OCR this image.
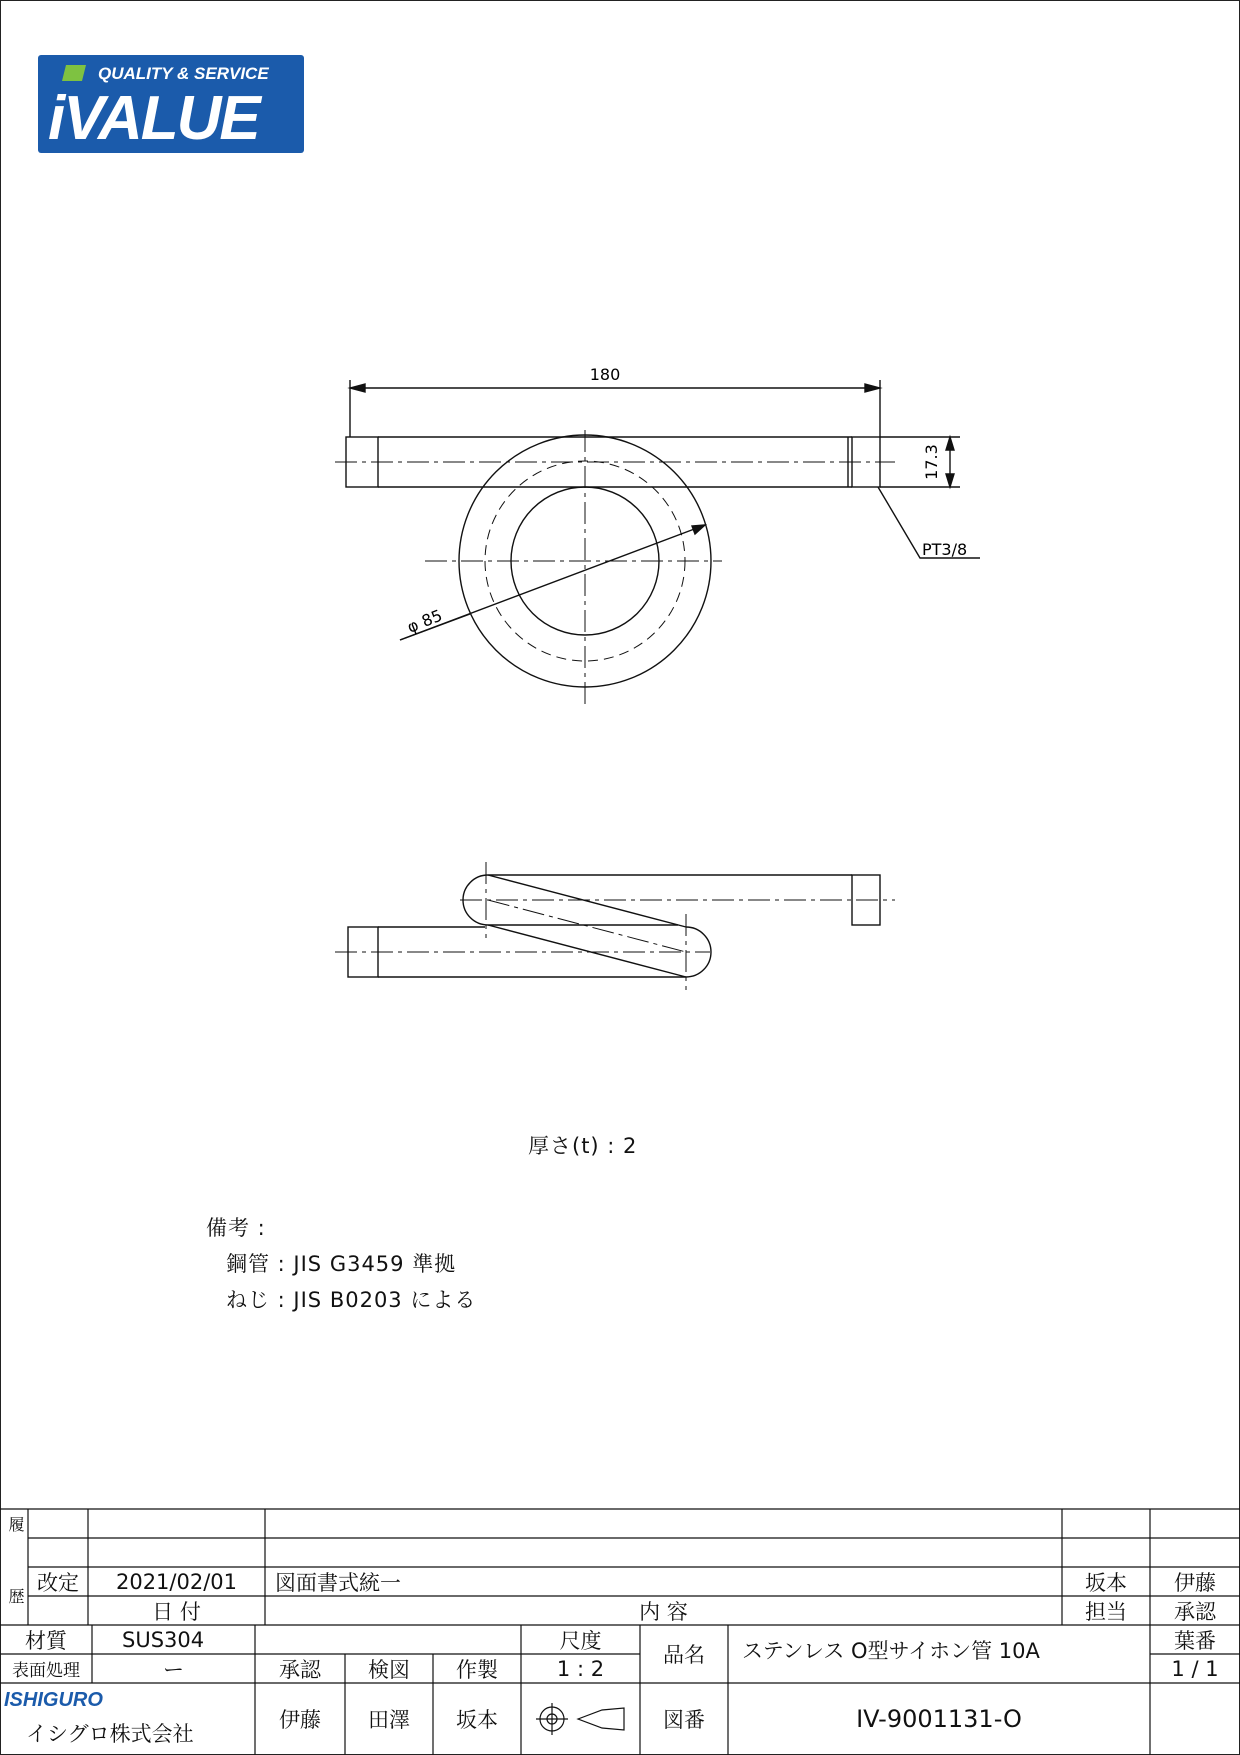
QUALITY & SERVICE
iVALUE
180
17.3
PT3/8
φ 85
厚さ(t) : 2
備考 :
鋼管 : JIS G3459 準拠
ねじ : JIS B0203 による
履
歴
改定	2021/02/01	図面書式統一	坂本	伊藤
日 付	内 容	担当	承認
材質	SUS304
表面処理	ー	承認	検図	作製
伊藤	田澤	坂本
尺度
1 : 2
品名	ステンレス O型サイホン管 10A
図番	IV-9001131-O
葉番
1 / 1
ISHIGURO
イシグロ株式会社
